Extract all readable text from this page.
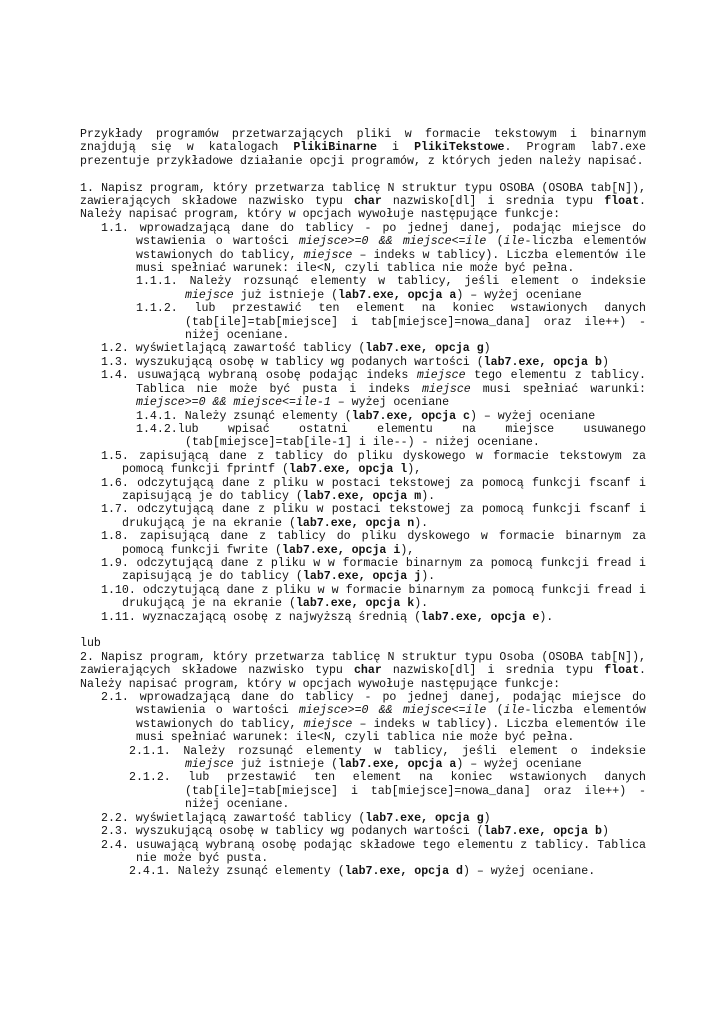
Przykłady programów przetwarzających pliki w formacie tekstowym i binarnym znajdują się w katalogach PlikiBinarne i PlikiTekstowe. Program lab7.exe prezentuje przykładowe działanie opcji programów, z których jeden należy napisać.

1. Napisz program, który przetwarza tablicę N struktur typu OSOBA (OSOBA tab[N]), zawierających składowe nazwisko typu char nazwisko[dl] i srednia typu float. Należy napisać program, który w opcjach wywołuje następujące funkcje:

1.1. wprowadzającą dane do tablicy - po jednej danej, podając miejsce do wstawienia o wartości miejsce>=0 && miejsce<=ile (ile-liczba elementów wstawionych do tablicy, miejsce – indeks w tablicy). Liczba elementów ile musi spełniać warunek: ile<N, czyli tablica nie może być pełna.

1.1.1. Należy rozsunąć elementy w tablicy, jeśli element o indeksie miejsce już istnieje (lab7.exe, opcja a) – wyżej oceniane

1.1.2. lub przestawić ten element na koniec wstawionych danych (tab[ile]=tab[miejsce] i tab[miejsce]=nowa_dana] oraz ile++) - niżej oceniane.

1.2. wyświetlającą zawartość tablicy (lab7.exe, opcja g)

1.3. wyszukującą osobę w tablicy wg podanych wartości (lab7.exe, opcja b)

1.4. usuwającą wybraną osobę podając indeks miejsce tego elementu z tablicy. Tablica nie może być pusta i indeks miejsce musi spełniać warunki: miejsce>=0 && miejsce<=ile-1 – wyżej oceniane

1.4.1. Należy zsunąć elementy (lab7.exe, opcja c) – wyżej oceniane

1.4.2.lub wpisać ostatni elementu na miejsce usuwanego (tab[miejsce]=tab[ile-1] i ile--) - niżej oceniane.

1.5. zapisującą dane z tablicy do pliku dyskowego w formacie tekstowym za pomocą funkcji fprintf (lab7.exe, opcja l),

1.6. odczytującą dane z pliku w postaci tekstowej za pomocą funkcji fscanf i zapisującą je do tablicy (lab7.exe, opcja m).

1.7. odczytującą dane z pliku w postaci tekstowej za pomocą funkcji fscanf i drukującą je na ekranie (lab7.exe, opcja n).

1.8. zapisującą dane z tablicy do pliku dyskowego w formacie binarnym za pomocą funkcji fwrite (lab7.exe, opcja i),

1.9. odczytującą dane z pliku w w formacie binarnym za pomocą funkcji fread i zapisującą je do tablicy (lab7.exe, opcja j).

1.10. odczytującą dane z pliku w w formacie binarnym za pomocą funkcji fread i drukującą je na ekranie (lab7.exe, opcja k).

1.11. wyznaczającą osobę z najwyższą średnią (lab7.exe, opcja e).

lub

2. Napisz program, który przetwarza tablicę N struktur typu Osoba (OSOBA tab[N]), zawierających składowe nazwisko typu char nazwisko[dl] i srednia typu float. Należy napisać program, który w opcjach wywołuje następujące funkcje:

2.1. wprowadzającą dane do tablicy - po jednej danej, podając miejsce do wstawienia o wartości miejsce>=0 && miejsce<=ile (ile-liczba elementów wstawionych do tablicy, miejsce – indeks w tablicy). Liczba elementów ile musi spełniać warunek: ile<N, czyli tablica nie może być pełna.

2.1.1. Należy rozsunąć elementy w tablicy, jeśli element o indeksie miejsce już istnieje (lab7.exe, opcja a) – wyżej oceniane

2.1.2. lub przestawić ten element na koniec wstawionych danych (tab[ile]=tab[miejsce] i tab[miejsce]=nowa_dana] oraz ile++) - niżej oceniane.

2.2. wyświetlającą zawartość tablicy (lab7.exe, opcja g)

2.3. wyszukującą osobę w tablicy wg podanych wartości (lab7.exe, opcja b)

2.4. usuwającą wybraną osobę podając składowe tego elementu z tablicy. Tablica nie może być pusta.

2.4.1. Należy zsunąć elementy (lab7.exe, opcja d) – wyżej oceniane.
